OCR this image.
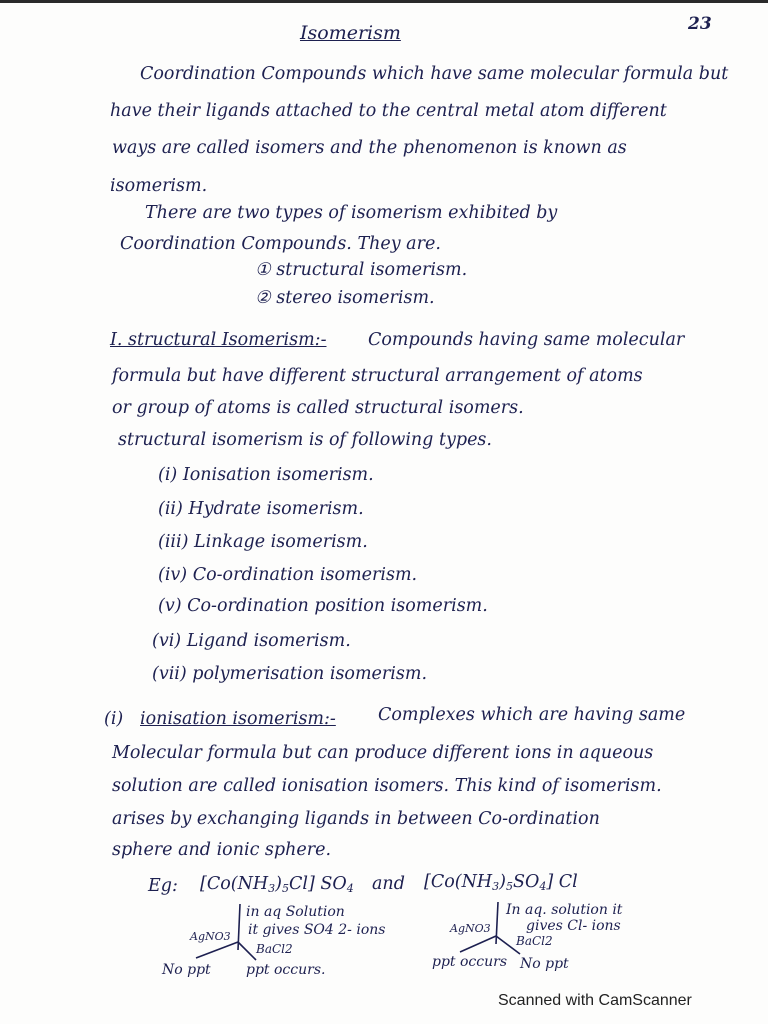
Isomerism	23
Coordination Compounds which have same molecular formula but
have their ligands attached to the central metal atom different
ways are called isomers and the phenomenon is known as
isomerism.
There are two types of isomerism exhibited by
Coordination Compounds. They are.
① structural isomerism.
② stereo isomerism.
I. structural Isomerism:- Compounds having same molecular
formula but have different structural arrangement of atoms
or group of atoms is called structural isomers.
structural isomerism is of following types.
(i) Ionisation isomerism.
(ii) Hydrate isomerism.
(iii) Linkage isomerism.
(iv) Co-ordination isomerism.
(v) Co-ordination position isomerism.
(vi) Ligand isomerism.
(vii) polymerisation isomerism.
(i) ionisation isomerism:- Complexes which are having same
Molecular formula but can produce different ions in aqueous
solution are called ionisation isomers. This kind of isomerism.
arises by exchanging ligands in between Co-ordination
sphere and ionic sphere.
Eg: $[Co(NH_3)_5Cl]$ $SO_4$ and $[Co(NH_3)_5SO_4]$ Cl
in aq Solution
it gives SO4 2- ions
AgNO3
BaCl2
No ppt	ppt occurs.
In aq. solution it
gives Cl- ions
AgNO3
BaCl2
ppt occurs No ppt
Scanned with CamScanner
